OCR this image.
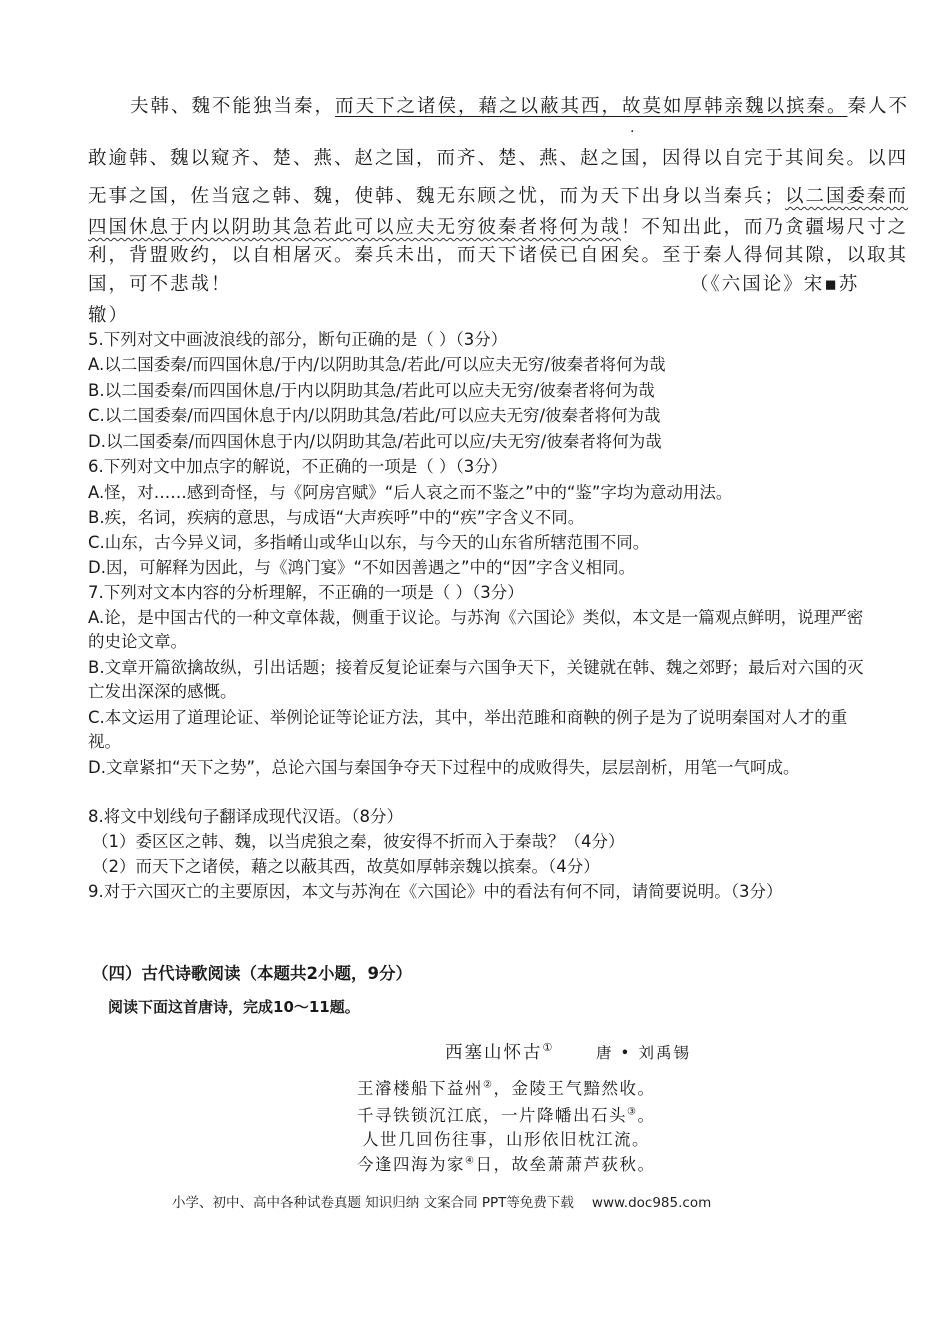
夫韩、魏不能独当秦，而天下之诸侯，藉之以蔽其西，故莫如厚韩亲魏以摈秦。秦人不
.
敢逾韩、魏以窥齐、楚、燕、赵之国，而齐、楚、燕、赵之国，因得以自完于其间矣。以四
无事之国，佐当寇之韩、魏，使韩、魏无东顾之忧，而为天下出身以当秦兵；以二国委秦而
四国休息于内以阴助其急若此可以应夫无穷彼秦者将何为哉！不知出此，而乃贪疆埸尺寸之
利，背盟败约，以自相屠灭。秦兵未出，而天下诸侯已自困矣。至于秦人得伺其隙，以取其
国，可不悲哉！	（《六国论》宋▪苏
辙）
5.下列对文中画波浪线的部分，断句正确的是（ ）（3分）
A.以二国委秦/而四国休息/于内/以阴助其急/若此/可以应夫无穷/彼秦者将何为哉
B.以二国委秦/而四国休息/于内以阴助其急/若此可以应夫无穷/彼秦者将何为哉
C.以二国委秦/而四国休息于内/以阴助其急/若此/可以应夫无穷/彼秦者将何为哉
D.以二国委秦/而四国休息于内/以阴助其急/若此可以应/夫无穷/彼秦者将何为哉
6.下列对文中加点字的解说，不正确的一项是（ ）（3分）
A.怪，对……感到奇怪，与《阿房宫赋》“后人哀之而不鉴之”中的“鉴”字均为意动用法。
B.疾，名词，疾病的意思，与成语“大声疾呼”中的“疾”字含义不同。
C.山东，古今异义词，多指崤山或华山以东，与今天的山东省所辖范围不同。
D.因，可解释为因此，与《鸿门宴》“不如因善遇之”中的“因”字含义相同。
7.下列对文本内容的分析理解，不正确的一项是（ ）（3分）
A.论，是中国古代的一种文章体裁，侧重于议论。与苏洵《六国论》类似，本文是一篇观点鲜明，说理严密的史论文章。
B.文章开篇欲擒故纵，引出话题；接着反复论证秦与六国争天下，关键就在韩、魏之郊野；最后对六国的灭亡发出深深的感慨。
C.本文运用了道理论证、举例论证等论证方法，其中，举出范雎和商鞅的例子是为了说明秦国对人才的重视。
D.文章紧扣“天下之势”，总论六国与秦国争夺天下过程中的成败得失，层层剖析，用笔一气呵成。
8.将文中划线句子翻译成现代汉语。（8分）
（1）委区区之韩、魏，以当虎狼之秦，彼安得不折而入于秦哉？（4分）
（2）而天下之诸侯，藉之以蔽其西，故莫如厚韩亲魏以摈秦。（4分）
9.对于六国灭亡的主要原因，本文与苏洵在《六国论》中的看法有何不同，请简要说明。（3分）
（四）古代诗歌阅读（本题共2小题，9分）
阅读下面这首唐诗，完成10～11题。
西塞山怀古①	唐 • 刘禹锡
王濬楼船下益州②，金陵王气黯然收。
千寻铁锁沉江底，一片降幡出石头③。
人世几回伤往事，山形依旧枕江流。
今逢四海为家④日，故垒萧萧芦荻秋。
小学、初中、高中各种试卷真题 知识归纳 文案合同 PPT等免费下载 www.doc985.com
